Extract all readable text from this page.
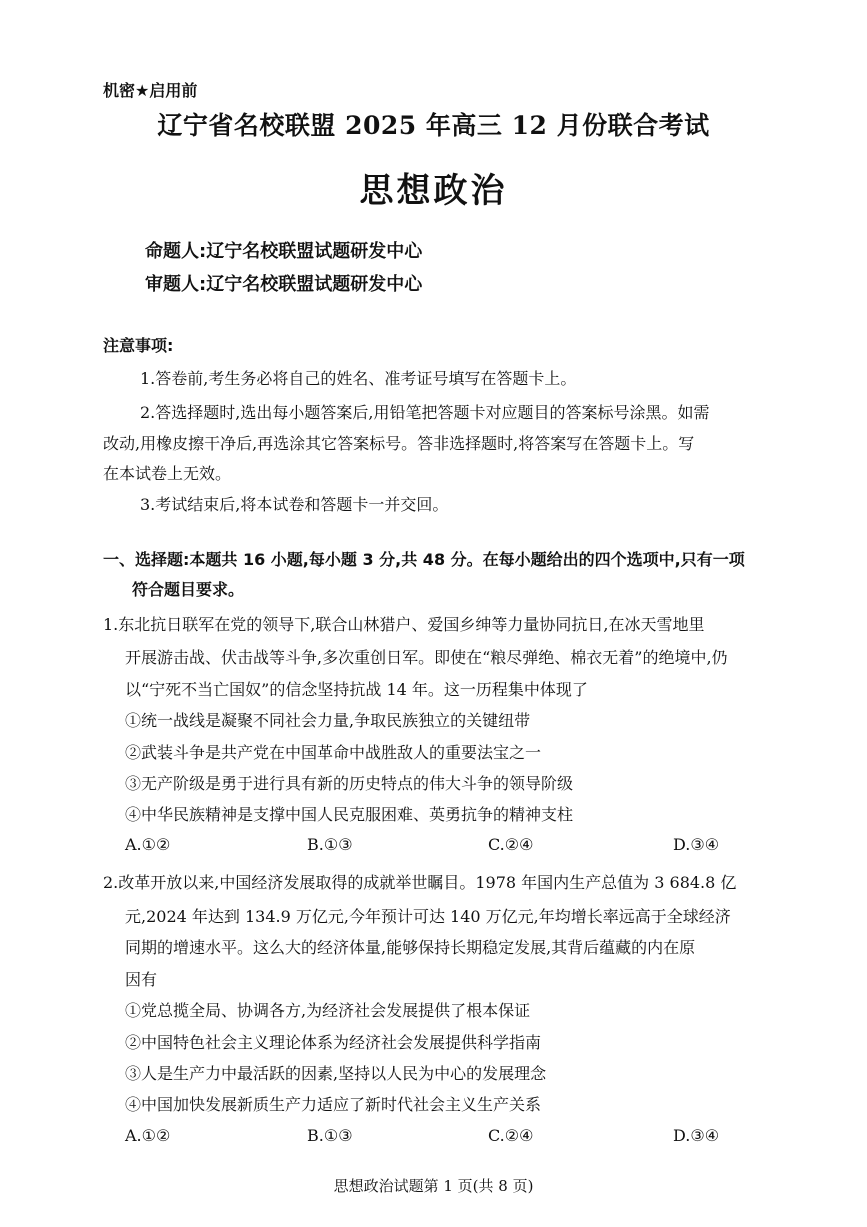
机密★启用前
辽宁省名校联盟 2025 年高三 12 月份联合考试
思想政治
命题人:辽宁名校联盟试题研发中心
审题人:辽宁名校联盟试题研发中心
注意事项:
1.答卷前,考生务必将自己的姓名、准考证号填写在答题卡上。
2.答选择题时,选出每小题答案后,用铅笔把答题卡对应题目的答案标号涂黑。如需
改动,用橡皮擦干净后,再选涂其它答案标号。答非选择题时,将答案写在答题卡上。写
在本试卷上无效。
3.考试结束后,将本试卷和答题卡一并交回。
一、选择题:本题共 16 小题,每小题 3 分,共 48 分。在每小题给出的四个选项中,只有一项
符合题目要求。
1.东北抗日联军在党的领导下,联合山林猎户、爱国乡绅等力量协同抗日,在冰天雪地里
开展游击战、伏击战等斗争,多次重创日军。即使在“粮尽弹绝、棉衣无着”的绝境中,仍
以“宁死不当亡国奴”的信念坚持抗战 14 年。这一历程集中体现了
①统一战线是凝聚不同社会力量,争取民族独立的关键纽带
②武装斗争是共产党在中国革命中战胜敌人的重要法宝之一
③无产阶级是勇于进行具有新的历史特点的伟大斗争的领导阶级
④中华民族精神是支撑中国人民克服困难、英勇抗争的精神支柱
A.①②	B.①③	C.②④	D.③④
2.改革开放以来,中国经济发展取得的成就举世瞩目。1978 年国内生产总值为 3 684.8 亿
元,2024 年达到 134.9 万亿元,今年预计可达 140 万亿元,年均增长率远高于全球经济
同期的增速水平。这么大的经济体量,能够保持长期稳定发展,其背后蕴藏的内在原
因有
①党总揽全局、协调各方,为经济社会发展提供了根本保证
②中国特色社会主义理论体系为经济社会发展提供科学指南
③人是生产力中最活跃的因素,坚持以人民为中心的发展理念
④中国加快发展新质生产力适应了新时代社会主义生产关系
A.①②	B.①③	C.②④	D.③④
思想政治试题第 1 页(共 8 页)
